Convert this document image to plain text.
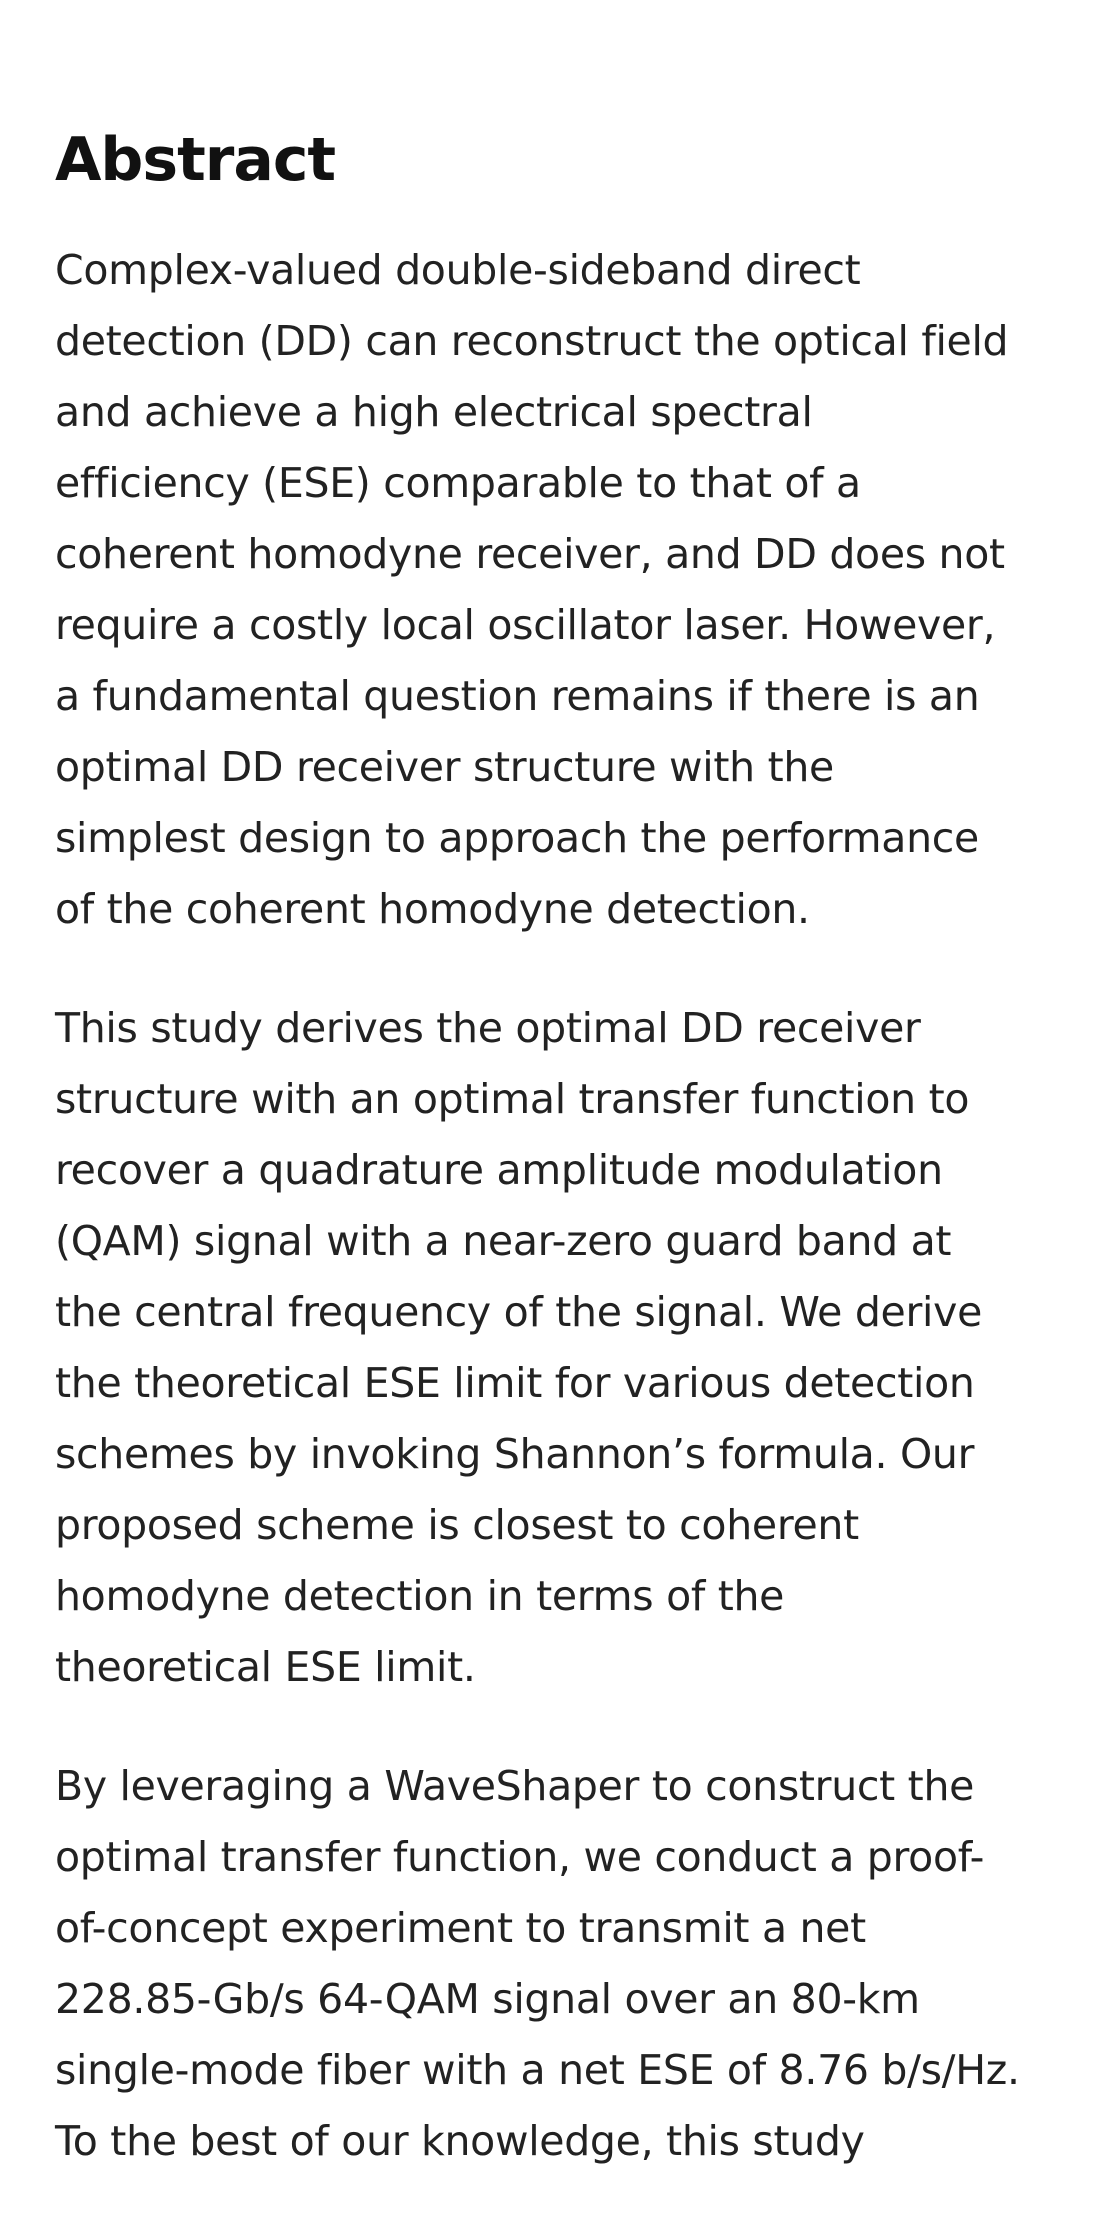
Abstract

Complex-valued double-sideband direct
detection (DD) can reconstruct the optical field
and achieve a high electrical spectral
efficiency (ESE) comparable to that of a
coherent homodyne receiver, and DD does not
require a costly local oscillator laser. However,
a fundamental question remains if there is an
optimal DD receiver structure with the
simplest design to approach the performance
of the coherent homodyne detection.

This study derives the optimal DD receiver
structure with an optimal transfer function to
recover a quadrature amplitude modulation
(QAM) signal with a near-zero guard band at
the central frequency of the signal. We derive
the theoretical ESE limit for various detection
schemes by invoking Shannon’s formula. Our
proposed scheme is closest to coherent
homodyne detection in terms of the
theoretical ESE limit.

By leveraging a WaveShaper to construct the
optimal transfer function, we conduct a proof-
of-concept experiment to transmit a net
228.85-Gb/s 64-QAM signal over an 80-km
single-mode fiber with a net ESE of 8.76 b/s/Hz.
To the best of our knowledge, this study
